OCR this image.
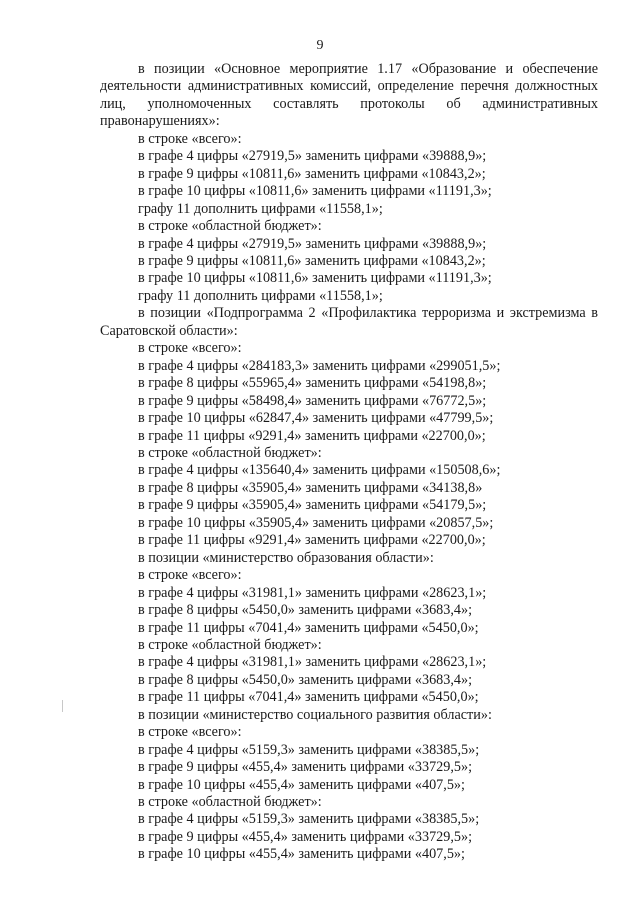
9

в позиции «Основное мероприятие 1.17 «Образование и обеспечение деятельности административных комиссий, определение перечня должностных лиц, уполномоченных составлять протоколы об административных правонарушениях»:

в строке «всего»:

в графе 4 цифры «27919,5» заменить цифрами «39888,9»;

в графе 9 цифры «10811,6» заменить цифрами «10843,2»;

в графе 10 цифры «10811,6» заменить цифрами «11191,3»;

графу 11 дополнить цифрами «11558,1»;

в строке «областной бюджет»:

в графе 4 цифры «27919,5» заменить цифрами «39888,9»;

в графе 9 цифры «10811,6» заменить цифрами «10843,2»;

в графе 10 цифры «10811,6» заменить цифрами «11191,3»;

графу 11 дополнить цифрами «11558,1»;

в позиции «Подпрограмма 2 «Профилактика терроризма и экстремизма в Саратовской области»:

в строке «всего»:

в графе 4 цифры «284183,3» заменить цифрами «299051,5»;

в графе 8 цифры «55965,4» заменить цифрами «54198,8»;

в графе 9 цифры «58498,4» заменить цифрами «76772,5»;

в графе 10 цифры «62847,4» заменить цифрами «47799,5»;

в графе 11 цифры «9291,4» заменить цифрами «22700,0»;

в строке «областной бюджет»:

в графе 4 цифры «135640,4» заменить цифрами «150508,6»;

в графе 8 цифры «35905,4» заменить цифрами «34138,8»

в графе 9 цифры «35905,4» заменить цифрами «54179,5»;

в графе 10 цифры «35905,4» заменить цифрами «20857,5»;

в графе 11 цифры «9291,4» заменить цифрами «22700,0»;

в позиции «министерство образования области»:

в строке «всего»:

в графе 4 цифры «31981,1» заменить цифрами «28623,1»;

в графе 8 цифры «5450,0» заменить цифрами «3683,4»;

в графе 11 цифры «7041,4» заменить цифрами «5450,0»;

в строке «областной бюджет»:

в графе 4 цифры «31981,1» заменить цифрами «28623,1»;

в графе 8 цифры «5450,0» заменить цифрами «3683,4»;

в графе 11 цифры «7041,4» заменить цифрами «5450,0»;

в позиции «министерство социального развития области»:

в строке «всего»:

в графе 4 цифры «5159,3» заменить цифрами «38385,5»;

в графе 9 цифры «455,4» заменить цифрами «33729,5»;

в графе 10 цифры «455,4» заменить цифрами «407,5»;

в строке «областной бюджет»:

в графе 4 цифры «5159,3» заменить цифрами «38385,5»;

в графе 9 цифры «455,4» заменить цифрами «33729,5»;

в графе 10 цифры «455,4» заменить цифрами «407,5»;
